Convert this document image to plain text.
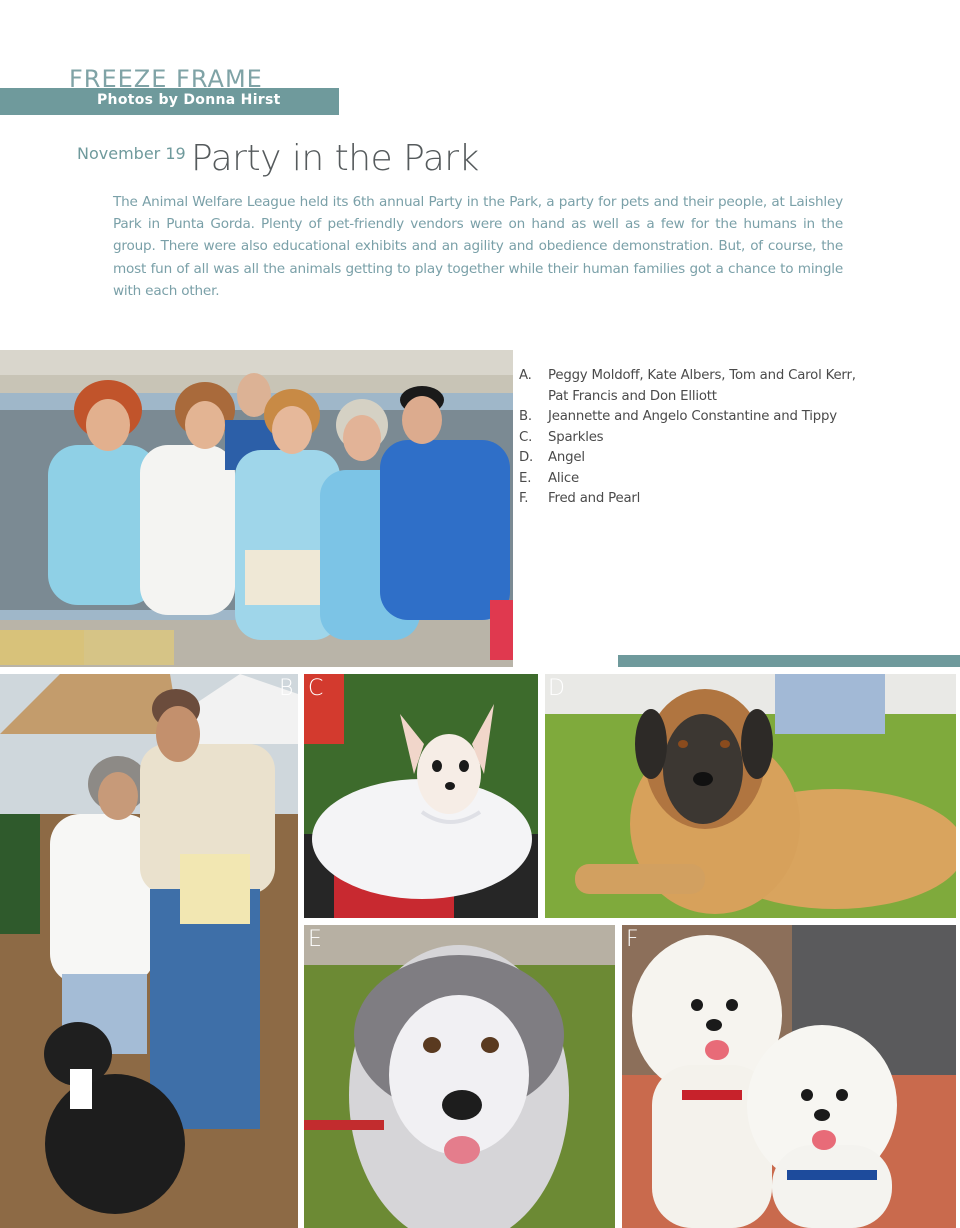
FREEZE FRAME
Photos by Donna Hirst
November 19 Party in the Park

The Animal Welfare League held its 6th annual Party in the Park, a party for pets and their people, at Laishley Park in Punta Gorda. Plenty of pet-friendly vendors were on hand as well as a few for the humans in the group. There were also educational exhibits and an agility and obedience demonstration. But, of course, the most fun of all was all the animals getting to play together while their human families got a chance to mingle with each other.

A.	Peggy Moldoff, Kate Albers, Tom and Carol Kerr, Pat Francis and Don Elliott
B.	Jeannette and Angelo Constantine and Tippy
C.	Sparkles
D.	Angel
E.	Alice
F.	Fred and Pearl
B C	D
E	F
